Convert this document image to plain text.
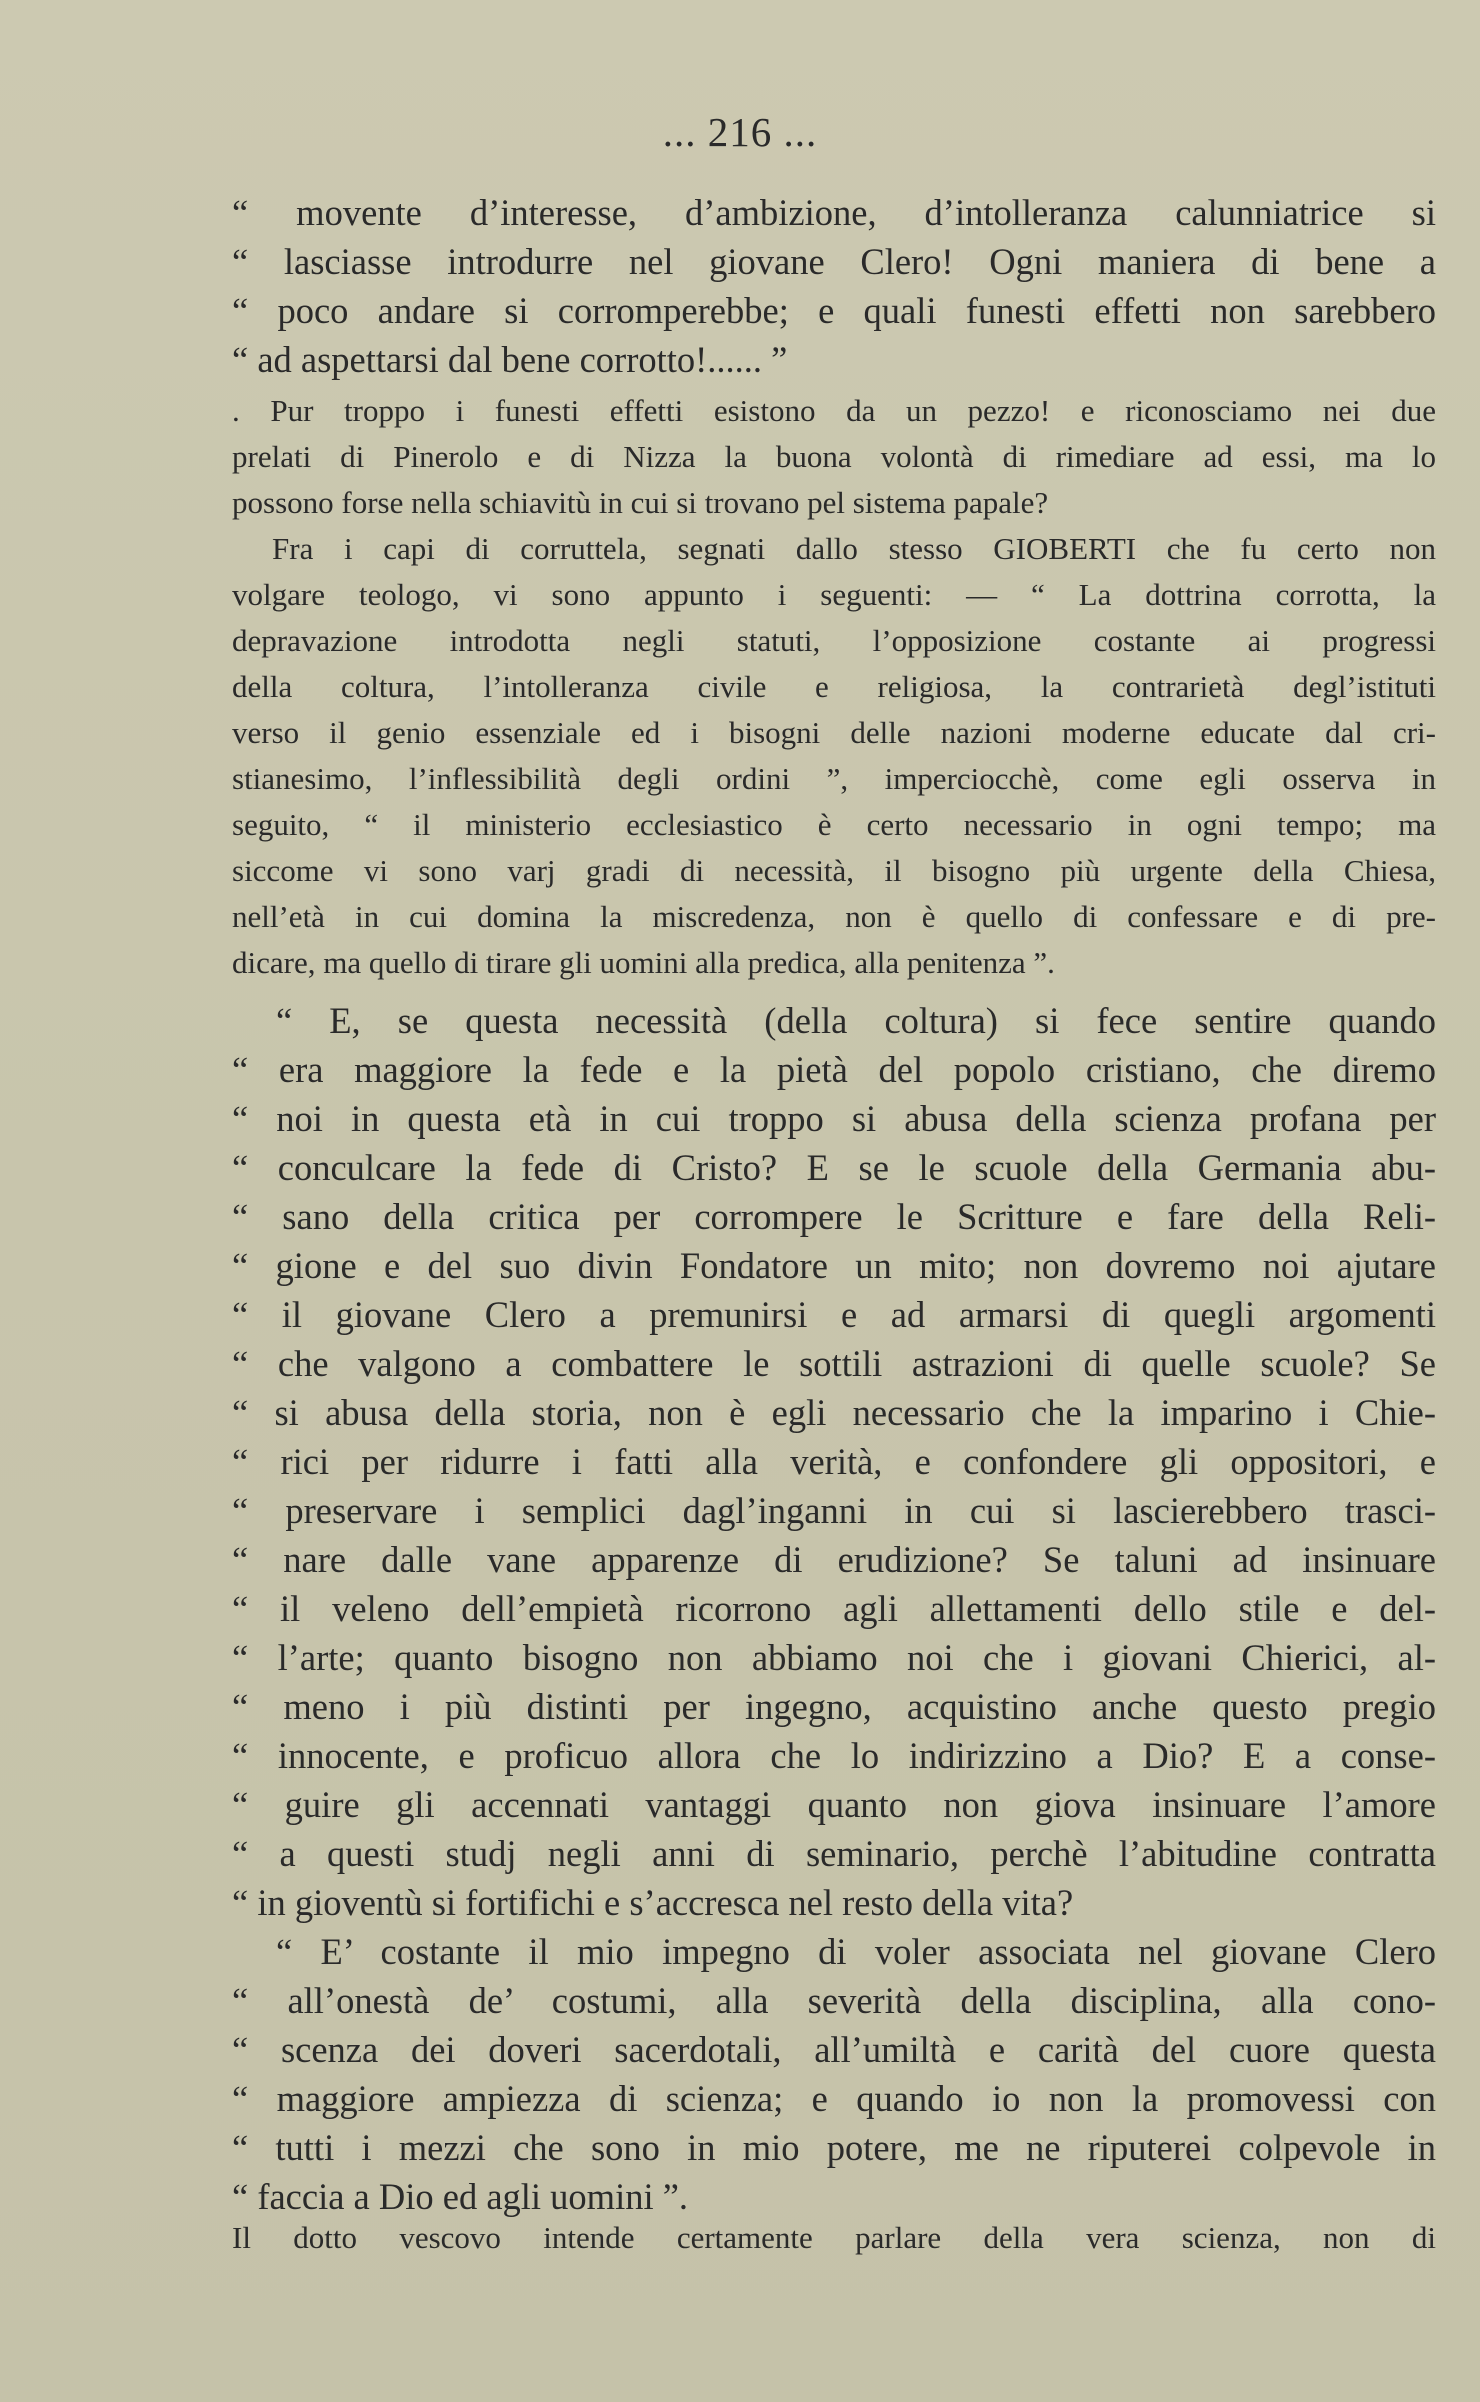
... 216 ...
“ movente d’interesse, d’ambizione, d’intolleranza calunniatrice si
“ lasciasse introdurre nel giovane Clero! Ogni maniera di bene a
“ poco andare si corromperebbe; e quali funesti effetti non sarebbero
“ ad aspettarsi dal bene corrotto!...... ”
. Pur troppo i funesti effetti esistono da un pezzo! e riconosciamo nei due
prelati di Pinerolo e di Nizza la buona volontà di rimediare ad essi, ma lo
possono forse nella schiavitù in cui si trovano pel sistema papale?
Fra i capi di corruttela, segnati dallo stesso GIOBERTI che fu certo non
volgare teologo, vi sono appunto i seguenti: — “ La dottrina corrotta, la
depravazione introdotta negli statuti, l’opposizione costante ai progressi
della coltura, l’intolleranza civile e religiosa, la contrarietà degl’istituti
verso il genio essenziale ed i bisogni delle nazioni moderne educate dal cri-
stianesimo, l’inflessibilità degli ordini ”, imperciocchè, come egli osserva in
seguito, “ il ministerio ecclesiastico è certo necessario in ogni tempo; ma
siccome vi sono varj gradi di necessità, il bisogno più urgente della Chiesa,
nell’età in cui domina la miscredenza, non è quello di confessare e di pre-
dicare, ma quello di tirare gli uomini alla predica, alla penitenza ”.
“ E, se questa necessità (della coltura) si fece sentire quando
“ era maggiore la fede e la pietà del popolo cristiano, che diremo
“ noi in questa età in cui troppo si abusa della scienza profana per
“ conculcare la fede di Cristo? E se le scuole della Germania abu-
“ sano della critica per corrompere le Scritture e fare della Reli-
“ gione e del suo divin Fondatore un mito; non dovremo noi ajutare
“ il giovane Clero a premunirsi e ad armarsi di quegli argomenti
“ che valgono a combattere le sottili astrazioni di quelle scuole? Se
“ si abusa della storia, non è egli necessario che la imparino i Chie-
“ rici per ridurre i fatti alla verità, e confondere gli oppositori, e
“ preservare i semplici dagl’inganni in cui si lascierebbero trasci-
“ nare dalle vane apparenze di erudizione? Se taluni ad insinuare
“ il veleno dell’empietà ricorrono agli allettamenti dello stile e del-
“ l’arte; quanto bisogno non abbiamo noi che i giovani Chierici, al-
“ meno i più distinti per ingegno, acquistino anche questo pregio
“ innocente, e proficuo allora che lo indirizzino a Dio? E a conse-
“ guire gli accennati vantaggi quanto non giova insinuare l’amore
“ a questi studj negli anni di seminario, perchè l’abitudine contratta
“ in gioventù si fortifichi e s’accresca nel resto della vita?
“ E’ costante il mio impegno di voler associata nel giovane Clero
“ all’onestà de’ costumi, alla severità della disciplina, alla cono-
“ scenza dei doveri sacerdotali, all’umiltà e carità del cuore questa
“ maggiore ampiezza di scienza; e quando io non la promovessi con
“ tutti i mezzi che sono in mio potere, me ne riputerei colpevole in
“ faccia a Dio ed agli uomini ”.
Il dotto vescovo intende certamente parlare della vera scienza, non di
